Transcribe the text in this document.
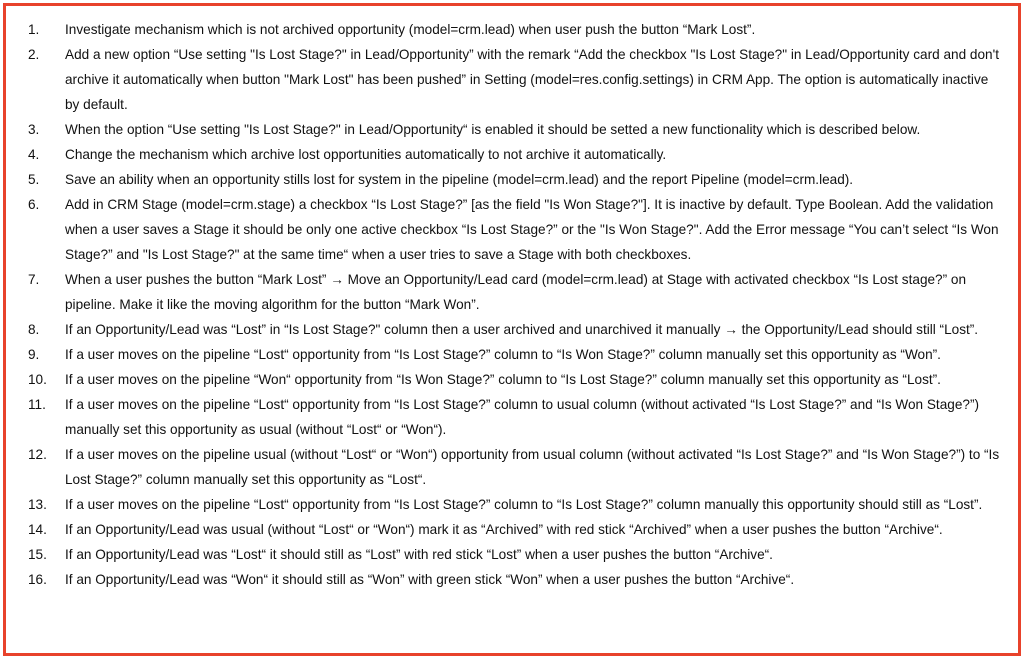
1.	Investigate mechanism which is not archived opportunity (model=crm.lead) when user push the button “Mark Lost”.
2.	Add a new option “Use setting "Is Lost Stage?" in Lead/Opportunity” with the remark “Add the checkbox "Is Lost Stage?" in Lead/Opportunity card and don't archive it automatically when button "Mark Lost" has been pushed” in Setting (model=res.config.settings) in CRM App. The option is automatically inactive by default.
3.	When the option “Use setting "Is Lost Stage?" in Lead/Opportunity“ is enabled it should be setted a new functionality which is described below.
4.	Change the mechanism which archive lost opportunities automatically to not archive it automatically.
5.	Save an ability when an opportunity stills lost for system in the pipeline (model=crm.lead) and the report Pipeline (model=crm.lead).
6.	Add in CRM Stage (model=crm.stage) a checkbox “Is Lost Stage?” [as the field "Is Won Stage?"]. It is inactive by default. Type Boolean. Add the validation when a user saves a Stage it should be only one active checkbox “Is Lost Stage?” or the "Is Won Stage?". Add the Error message “You can’t select “Is Won Stage?” and "Is Lost Stage?" at the same time“ when a user tries to save a Stage with both checkboxes.
7.	When a user pushes the button “Mark Lost” → Move an Opportunity/Lead card (model=crm.lead) at Stage with activated checkbox “Is Lost stage?” on pipeline. Make it like the moving algorithm for the button “Mark Won”.
8.	If an Opportunity/Lead was “Lost” in “Is Lost Stage?" column then a user archived and unarchived it manually → the Opportunity/Lead should still “Lost”.
9.	If a user moves on the pipeline “Lost“ opportunity from “Is Lost Stage?” column to “Is Won Stage?” column manually set this opportunity as “Won”.
10.	If a user moves on the pipeline “Won“ opportunity from “Is Won Stage?” column to “Is Lost Stage?” column manually set this opportunity as “Lost”.
11.	If a user moves on the pipeline “Lost“ opportunity from “Is Lost Stage?” column to usual column (without activated “Is Lost Stage?” and “Is Won Stage?”) manually set this opportunity as usual (without “Lost“ or “Won“).
12.	If a user moves on the pipeline usual (without “Lost“ or “Won“) opportunity from usual column (without activated “Is Lost Stage?” and “Is Won Stage?”) to “Is Lost Stage?” column manually set this opportunity as “Lost“.
13.	If a user moves on the pipeline “Lost“ opportunity from “Is Lost Stage?” column to “Is Lost Stage?” column manually this opportunity should still as “Lost”.
14.	If an Opportunity/Lead was usual (without “Lost“ or “Won“) mark it as “Archived” with red stick “Archived” when a user pushes the button “Archive“.
15.	If an Opportunity/Lead was “Lost“ it should still as “Lost” with red stick “Lost” when a user pushes the button “Archive“.
16.	If an Opportunity/Lead was “Won“ it should still as “Won” with green stick “Won” when a user pushes the button “Archive“.
